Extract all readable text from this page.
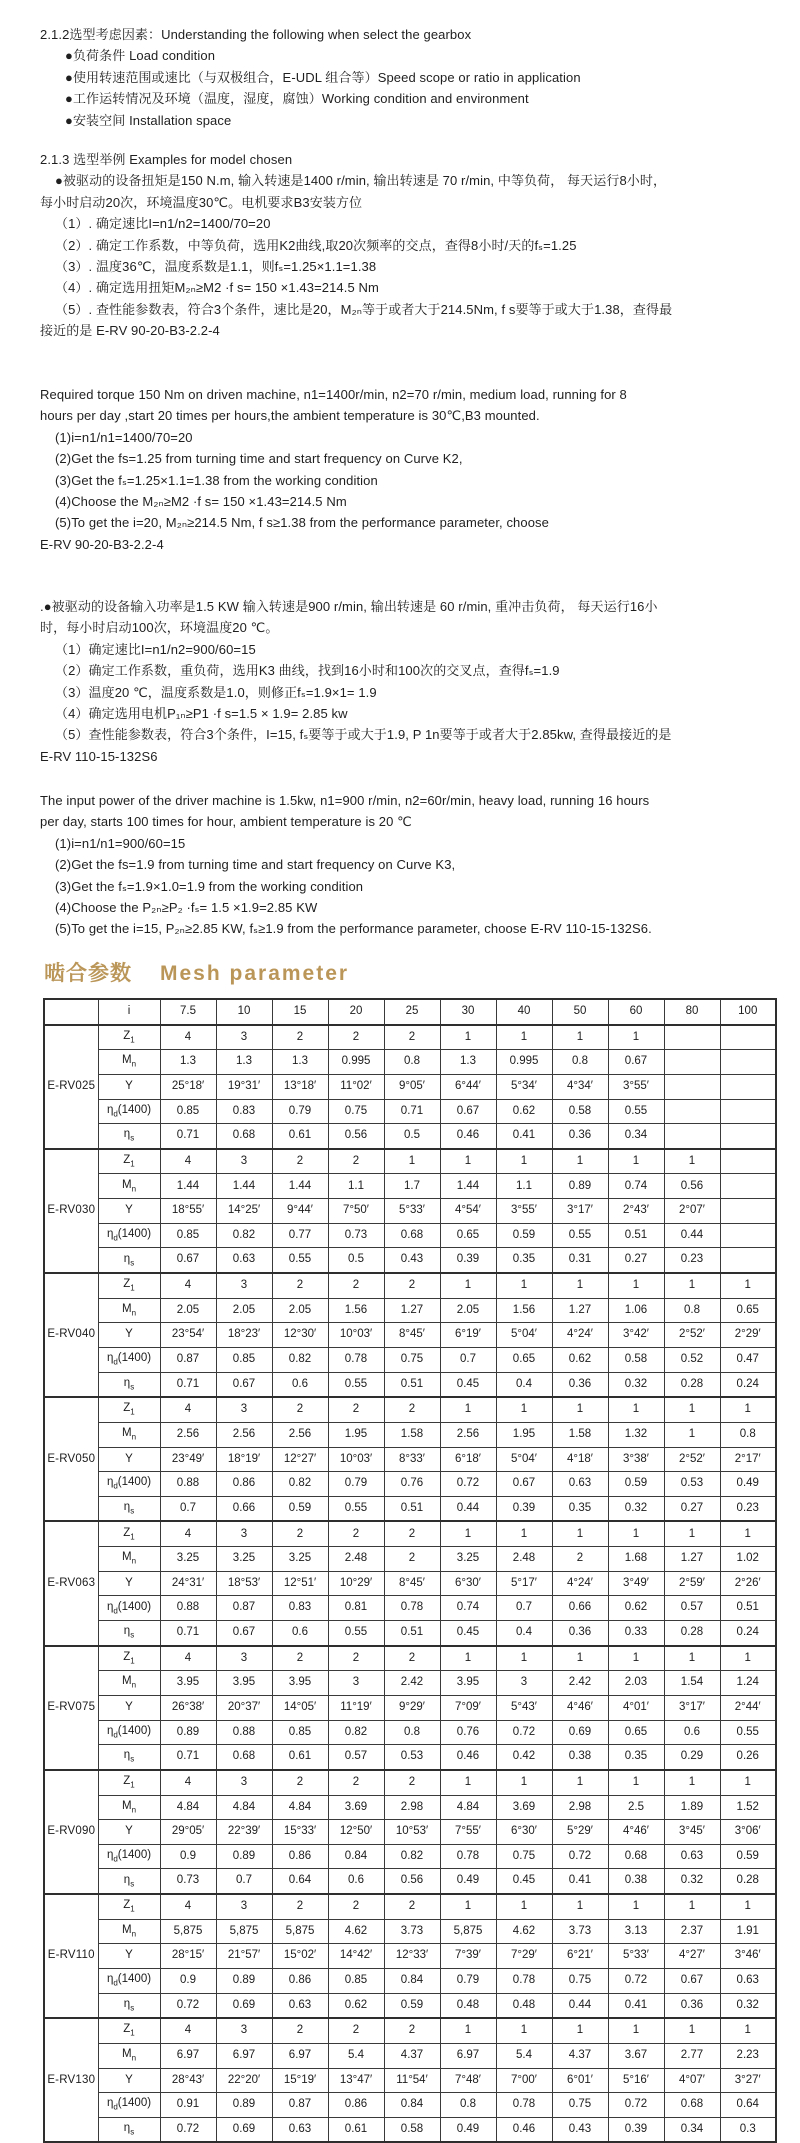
2.1.2选型考虑因素：Understanding the following when select the gearbox
●负荷条件 Load condition
●使用转速范围或速比（与双极组合，E-UDL 组合等）Speed scope or ratio in application
●工作运转情况及环境（温度，湿度，腐蚀）Working condition and environment
●安装空间 Installation space
2.1.3 选型举例 Examples for model chosen
●被驱动的设备扭矩是150 N.m, 输入转速是1400 r/min, 输出转速是 70 r/min, 中等负荷， 每天运行8小时，
每小时启动20次，环境温度30℃。电机要求B3安装方位
（1）. 确定速比I=n1/n2=1400/70=20
（2）. 确定工作系数，中等负荷，选用K2曲线,取20次频率的交点，查得8小时/天的fₛ=1.25
（3）. 温度36℃，温度系数是1.1，则fₛ=1.25×1.1=1.38
（4）. 确定选用扭矩M₂ₙ≥M2 ·f s= 150 ×1.43=214.5 Nm
（5）. 查性能参数表，符合3个条件，速比是20，M₂ₙ等于或者大于214.5Nm, f s要等于或大于1.38，查得最
接近的是 E-RV 90-20-B3-2.2-4
Required torque 150 Nm on driven machine, n1=1400r/min, n2=70 r/min, medium load, running for 8
hours per day ,start 20 times per hours,the ambient temperature is 30℃,B3 mounted.
(1)i=n1/n1=1400/70=20
(2)Get the fs=1.25 from turning time and start frequency on Curve K2,
(3)Get the fₛ=1.25×1.1=1.38 from the working condition
(4)Choose the M₂ₙ≥M2 ·f s= 150 ×1.43=214.5 Nm
(5)To get the i=20, M₂ₙ≥214.5 Nm, f s≥1.38 from the performance parameter, choose
E-RV 90-20-B3-2.2-4
.●被驱动的设备输入功率是1.5 KW 输入转速是900 r/min, 输出转速是 60 r/min, 重冲击负荷， 每天运行16小
时，每小时启动100次，环境温度20 ℃。
（1）确定速比I=n1/n2=900/60=15
（2）确定工作系数，重负荷，选用K3 曲线，找到16小时和100次的交叉点，查得fₛ=1.9
（3）温度20 ℃，温度系数是1.0，则修正fₛ=1.9×1= 1.9
（4）确定选用电机P₁ₙ≥P1 ·f s=1.5 × 1.9= 2.85 kw
（5）查性能参数表，符合3个条件，I=15, fₛ要等于或大于1.9, P 1n要等于或者大于2.85kw, 查得最接近的是
E-RV 110-15-132S6
The input power of the driver machine is 1.5kw, n1=900 r/min, n2=60r/min, heavy load, running 16 hours
per day, starts 100 times for hour, ambient temperature is 20 ℃
(1)i=n1/n1=900/60=15
(2)Get the fs=1.9 from turning time and start frequency on Curve K3,
(3)Get the fₛ=1.9×1.0=1.9 from the working condition
(4)Choose the P₂ₙ≥P₂ ·fₛ= 1.5 ×1.9=2.85 KW
(5)To get the i=15, P₂ₙ≥2.85 KW, fₛ≥1.9 from the performance parameter, choose E-RV 110-15-132S6.
啮合参数 Mesh parameter
	i	7.5	10	15	20	25	30	40	50	60	80	100
E-RV025	$Z_1$	4	3	2	2	2	1	1	1	1		
	$M_n$	1.3	1.3	1.3	0.995	0.8	1.3	0.995	0.8	0.67		
	Y	25°18′	19°31′	13°18′	11°02′	9°05′	6°44′	5°34′	4°34′	3°55′		
	$\eta_d(1400)$	0.85	0.83	0.79	0.75	0.71	0.67	0.62	0.58	0.55		
	$\eta_s$	0.71	0.68	0.61	0.56	0.5	0.46	0.41	0.36	0.34		
E-RV030	$Z_1$	4	3	2	2	1	1	1	1	1	1	
	$M_n$	1.44	1.44	1.44	1.1	1.7	1.44	1.1	0.89	0.74	0.56	
	Y	18°55′	14°25′	9°44′	7°50′	5°33′	4°54′	3°55′	3°17′	2°43′	2°07′	
	$\eta_d(1400)$	0.85	0.82	0.77	0.73	0.68	0.65	0.59	0.55	0.51	0.44	
	$\eta_s$	0.67	0.63	0.55	0.5	0.43	0.39	0.35	0.31	0.27	0.23	
E-RV040	$Z_1$	4	3	2	2	2	1	1	1	1	1	1
	$M_n$	2.05	2.05	2.05	1.56	1.27	2.05	1.56	1.27	1.06	0.8	0.65
	Y	23°54′	18°23′	12°30′	10°03′	8°45′	6°19′	5°04′	4°24′	3°42′	2°52′	2°29′
	$\eta_d(1400)$	0.87	0.85	0.82	0.78	0.75	0.7	0.65	0.62	0.58	0.52	0.47
	$\eta_s$	0.71	0.67	0.6	0.55	0.51	0.45	0.4	0.36	0.32	0.28	0.24
E-RV050	$Z_1$	4	3	2	2	2	1	1	1	1	1	1
	$M_n$	2.56	2.56	2.56	1.95	1.58	2.56	1.95	1.58	1.32	1	0.8
	Y	23°49′	18°19′	12°27′	10°03′	8°33′	6°18′	5°04′	4°18′	3°38′	2°52′	2°17′
	$\eta_d(1400)$	0.88	0.86	0.82	0.79	0.76	0.72	0.67	0.63	0.59	0.53	0.49
	$\eta_s$	0.7	0.66	0.59	0.55	0.51	0.44	0.39	0.35	0.32	0.27	0.23
E-RV063	$Z_1$	4	3	2	2	2	1	1	1	1	1	1
	$M_n$	3.25	3.25	3.25	2.48	2	3.25	2.48	2	1.68	1.27	1.02
	Y	24°31′	18°53′	12°51′	10°29′	8°45′	6°30′	5°17′	4°24′	3°49′	2°59′	2°26′
	$\eta_d(1400)$	0.88	0.87	0.83	0.81	0.78	0.74	0.7	0.66	0.62	0.57	0.51
	$\eta_s$	0.71	0.67	0.6	0.55	0.51	0.45	0.4	0.36	0.33	0.28	0.24
E-RV075	$Z_1$	4	3	2	2	2	1	1	1	1	1	1
	$M_n$	3.95	3.95	3.95	3	2.42	3.95	3	2.42	2.03	1.54	1.24
	Y	26°38′	20°37′	14°05′	11°19′	9°29′	7°09′	5°43′	4°46′	4°01′	3°17′	2°44′
	$\eta_d(1400)$	0.89	0.88	0.85	0.82	0.8	0.76	0.72	0.69	0.65	0.6	0.55
	$\eta_s$	0.71	0.68	0.61	0.57	0.53	0.46	0.42	0.38	0.35	0.29	0.26
E-RV090	$Z_1$	4	3	2	2	2	1	1	1	1	1	1
	$M_n$	4.84	4.84	4.84	3.69	2.98	4.84	3.69	2.98	2.5	1.89	1.52
	Y	29°05′	22°39′	15°33′	12°50′	10°53′	7°55′	6°30′	5°29′	4°46′	3°45′	3°06′
	$\eta_d(1400)$	0.9	0.89	0.86	0.84	0.82	0.78	0.75	0.72	0.68	0.63	0.59
	$\eta_s$	0.73	0.7	0.64	0.6	0.56	0.49	0.45	0.41	0.38	0.32	0.28
E-RV110	$Z_1$	4	3	2	2	2	1	1	1	1	1	1
	$M_n$	5,875	5,875	5,875	4.62	3.73	5,875	4.62	3.73	3.13	2.37	1.91
	Y	28°15′	21°57′	15°02′	14°42′	12°33′	7°39′	7°29′	6°21′	5°33′	4°27′	3°46′
	$\eta_d(1400)$	0.9	0.89	0.86	0.85	0.84	0.79	0.78	0.75	0.72	0.67	0.63
	$\eta_s$	0.72	0.69	0.63	0.62	0.59	0.48	0.48	0.44	0.41	0.36	0.32
E-RV130	$Z_1$	4	3	2	2	2	1	1	1	1	1	1
	$M_n$	6.97	6.97	6.97	5.4	4.37	6.97	5.4	4.37	3.67	2.77	2.23
	Y	28°43′	22°20′	15°19′	13°47′	11°54′	7°48′	7°00′	6°01′	5°16′	4°07′	3°27′
	$\eta_d(1400)$	0.91	0.89	0.87	0.86	0.84	0.8	0.78	0.75	0.72	0.68	0.64
	$\eta_s$	0.72	0.69	0.63	0.61	0.58	0.49	0.46	0.43	0.39	0.34	0.3
